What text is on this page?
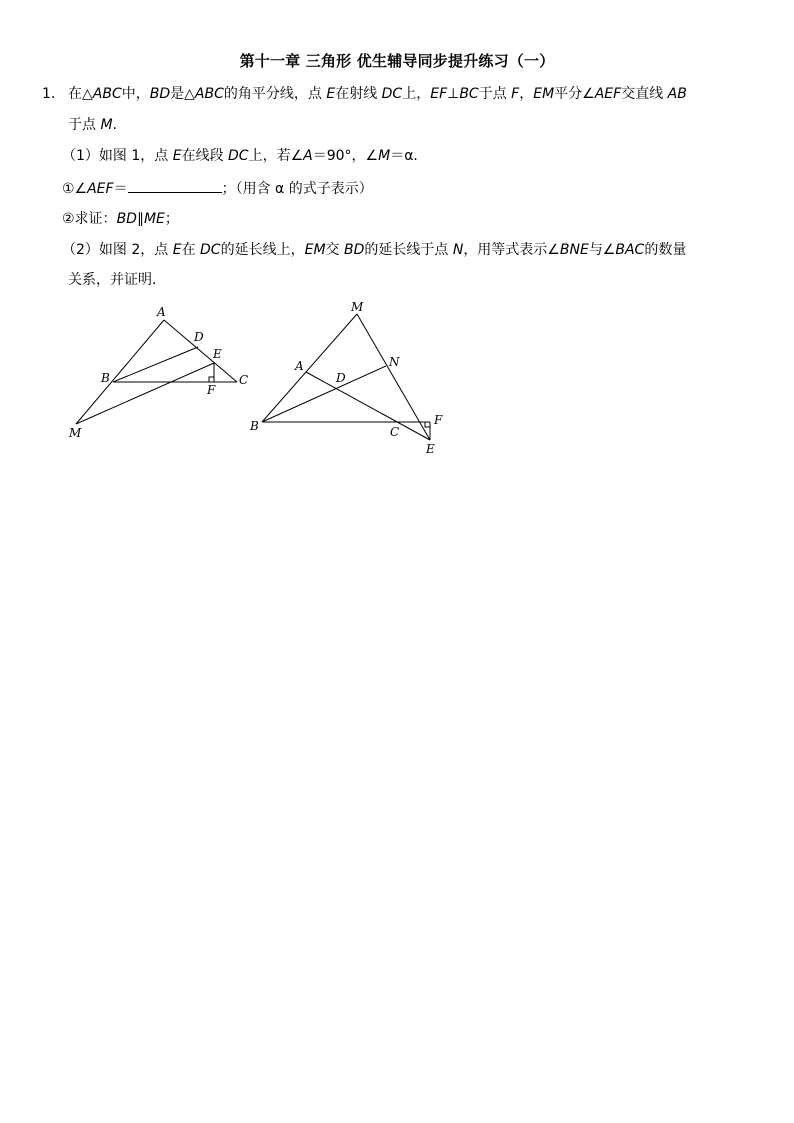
第十一章 三角形 优生辅导同步提升练习（一）
1． 在△ABC中，BD是△ABC的角平分线，点 E在射线 DC上，EF⊥BC于点 F，EM平分∠AEF交直线 AB
于点 M.
（1）如图 1，点 E在线段 DC上，若∠A＝90°，∠M＝α．
①∠AEF＝	；（用含 α 的式子表示）
②求证：BD∥ME；
（2）如图 2，点 E在 DC的延长线上，EM交 BD的延长线于点 N，用等式表示∠BNE与∠BAC的数量
关系，并证明．
A
D
E
B	C
F
M
M
N
A
D
B	C
F
E
